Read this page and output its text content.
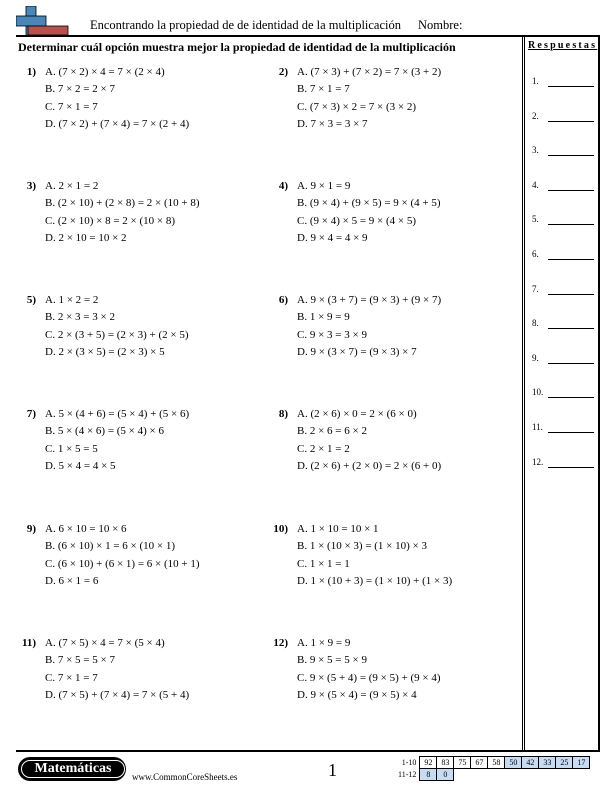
Encontrando la propiedad de de identidad de la multiplicación Nombre:
Determinar cuál opción muestra mejor la propiedad de identidad de la multiplicación	Respuestas
1.
2.
3.
4.
5.
6.
7.
8.
9.
10.
11.
12.
1) A. (7 × 2) × 4 = 7 × (2 × 4)
B. 7 × 2 = 2 × 7
C. 7 × 1 = 7
D. (7 × 2) + (7 × 4) = 7 × (2 + 4)
2) A. (7 × 3) + (7 × 2) = 7 × (3 + 2)
B. 7 × 1 = 7
C. (7 × 3) × 2 = 7 × (3 × 2)
D. 7 × 3 = 3 × 7
3) A. 2 × 1 = 2
B. (2 × 10) + (2 × 8) = 2 × (10 + 8)
C. (2 × 10) × 8 = 2 × (10 × 8)
D. 2 × 10 = 10 × 2
4) A. 9 × 1 = 9
B. (9 × 4) + (9 × 5) = 9 × (4 + 5)
C. (9 × 4) × 5 = 9 × (4 × 5)
D. 9 × 4 = 4 × 9
5) A. 1 × 2 = 2
B. 2 × 3 = 3 × 2
C. 2 × (3 + 5) = (2 × 3) + (2 × 5)
D. 2 × (3 × 5) = (2 × 3) × 5
6) A. 9 × (3 + 7) = (9 × 3) + (9 × 7)
B. 1 × 9 = 9
C. 9 × 3 = 3 × 9
D. 9 × (3 × 7) = (9 × 3) × 7
7) A. 5 × (4 + 6) = (5 × 4) + (5 × 6)
B. 5 × (4 × 6) = (5 × 4) × 6
C. 1 × 5 = 5
D. 5 × 4 = 4 × 5
8) A. (2 × 6) × 0 = 2 × (6 × 0)
B. 2 × 6 = 6 × 2
C. 2 × 1 = 2
D. (2 × 6) + (2 × 0) = 2 × (6 + 0)
9) A. 6 × 10 = 10 × 6
B. (6 × 10) × 1 = 6 × (10 × 1)
C. (6 × 10) + (6 × 1) = 6 × (10 + 1)
D. 6 × 1 = 6
10) A. 1 × 10 = 10 × 1
B. 1 × (10 × 3) = (1 × 10) × 3
C. 1 × 1 = 1
D. 1 × (10 + 3) = (1 × 10) + (1 × 3)
11) A. (7 × 5) × 4 = 7 × (5 × 4)
B. 7 × 5 = 5 × 7
C. 7 × 1 = 7
D. (7 × 5) + (7 × 4) = 7 × (5 + 4)
12) A. 1 × 9 = 9
B. 9 × 5 = 5 × 9
C. 9 × (5 + 4) = (9 × 5) + (9 × 4)
D. 9 × (5 × 4) = (9 × 5) × 4
Matemáticas
www.CommonCoreSheets.es	1	1-10	92	83	75	67	58	50	42	33	25	17	
11-12	8	0									
